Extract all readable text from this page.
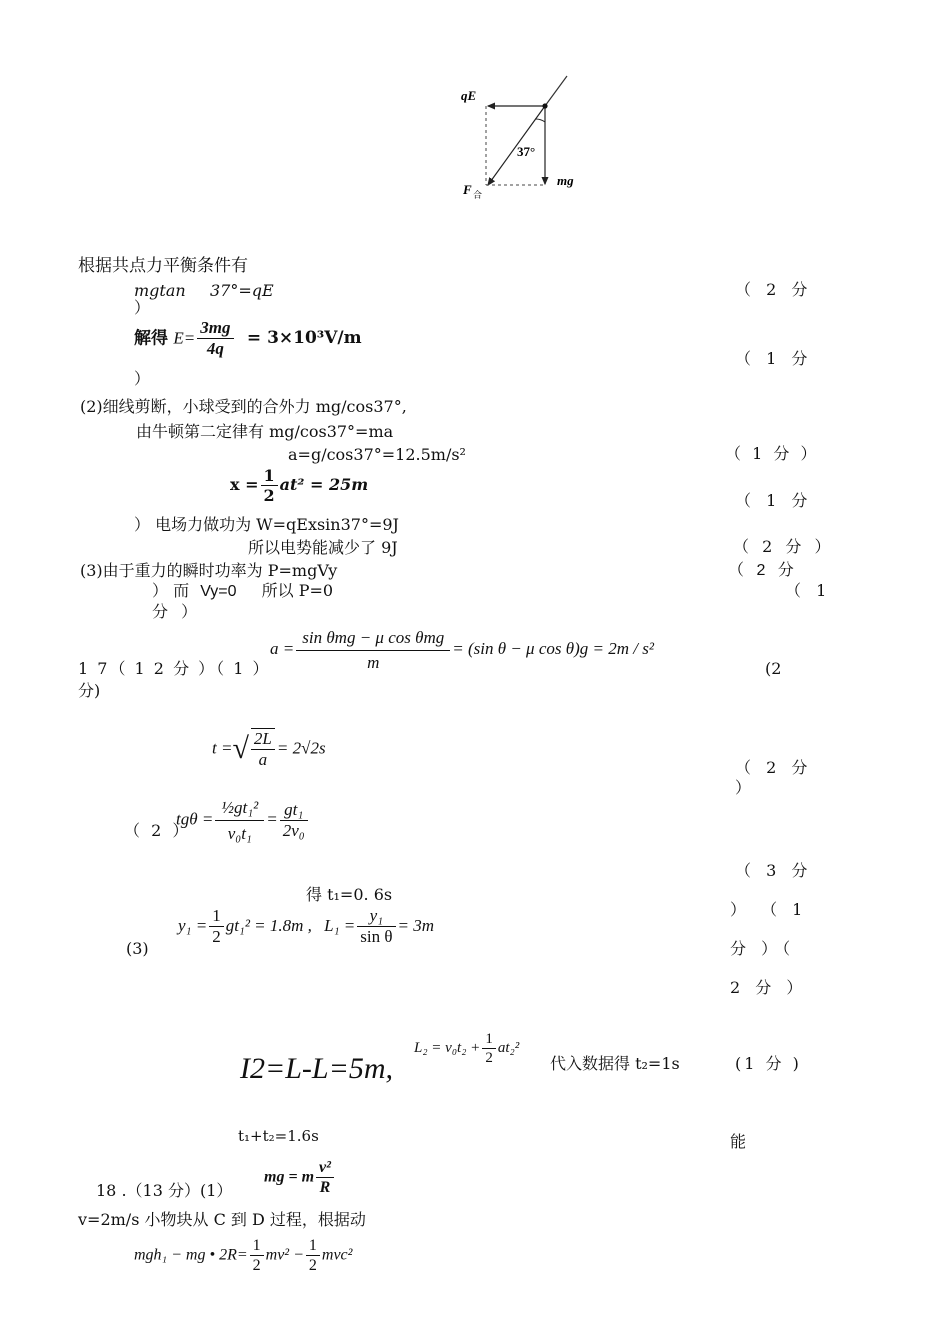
qE
37°
mg
F 合
根据共点力平衡条件有
mgtan 37°=qE	（ 2 分
）
解得 $E= \frac{3mg}{4q} = 3\times 10^3V/m$
（ 1 分
）
(2)细线剪断，小球受到的合外力 mg/cos37°,
由牛顿第二定律有 mg/cos37°=ma
a=g/cos37°=12.5m/s²	（ 1 分 ）
$x = \frac{1}{2} at^2 = 25m$
（ 1 分
） 电场力做功为 W=qExsin37°=9J
所以电势能减少了 9J	（ 2 分 ）
(3)由于重力的瞬时功率为 P=mgVy	（ 2 分
） 而 Vy=0 所以 P=0	（ 1
分 ）
1 7（ 1 2 分 ）（ 1 ）
$a = \frac{\text{sin θmg − μ cos θmg}}{m} = (\sin$ θ − μ cos θ)g = 2m / s²
(2
分)
t =√ $\frac{2L}{a} = 2√2s$
（ 2 分
）
（ 2 ）
$tg\theta = \frac{\text{½gt₁²}}{\text{v₀t₁}} = \frac{\text{gt₁}}{\text{2v₀}}$
（ 3 分
得 t₁=0. 6s
） （ 1
(3)
$y_1 = \frac{1}{2} gt_1^2 = 1.8m$ , $L_1 = \frac{\text{y₁}}{\text{sin θ}} = 3m$
分 ）（
2 分 ）
I2=L-L=5m,
$L_2 = v_0t_2 + \frac{1}{2} at_2^2$
代入数据得 t₂=1s	(1 分 )
t₁+t₂=1.6s	能
18 .（13 分）(1）
mg = m $\frac{\text{v²}}{R}$
v=2m/s 小物块从 C 到 D 过程，根据动
mgh₁ − mg • $2R= \frac{1}{2} mv^2 - \frac{1}{2} mvc^2$
